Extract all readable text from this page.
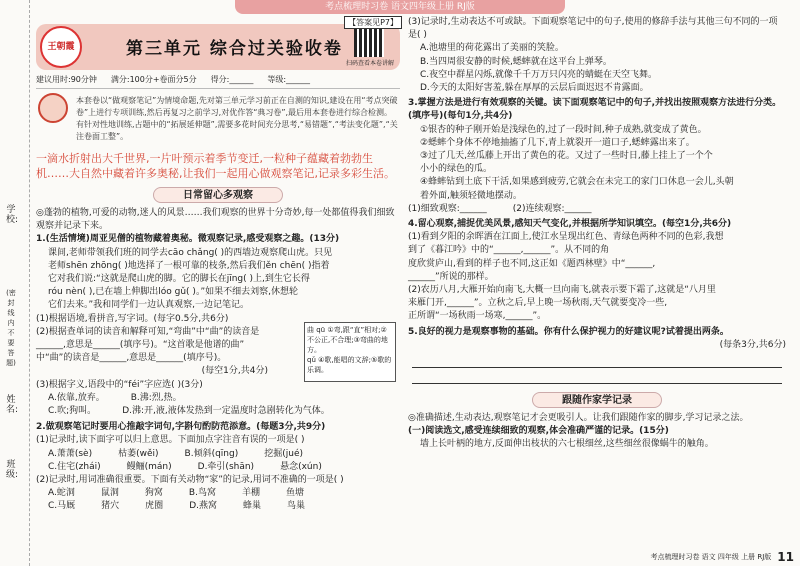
学校:
(密封线内不要答题)
姓名:
班级:
考点梳理时习卷 语文四年级上册 RJ版
王朝霞	第三单元 综合过关验收卷
扫码查看本卷讲解
【答案见P7】
建议用时:90分钟 满分:100分+卷面分5分 得分:______ 等级:______
本套卷以“做观察笔记”为情境命题,先对第三单元学习前正在自测的知识,建设在用“考点突破卷”上进行专项训练,然后再复习之前学习,对优作答“典习卷”,最后用本套卷进行综合检测。有针对性地训练,占题中的“拓展延伸题”,需要多花时间充分思考,“易错题”,“考法变化题”,“关注卷面工整”。
一滴水折射出大千世界,一片叶预示着季节变迁,一粒种子蕴藏着勃勃生机……大自然中藏着许多奥秘,让我们一起用心做观察笔记,记录多彩生活。
日常留心多观察
◎蓬勃的植物,可爱的动物,迷人的风景……我们观察的世界十分奇妙,每一处都值得我们细致观察并记录下来。
1.(生活情境)周亚见僧的植物藏着奥秘。微观察记录,感受观察之趣。(13分)
课间,老师带领我们班的同学去cāo chǎng( )的西墙边观察爬山虎。只见
老师shēn zhōng( )地选择了一根可靠的枝条,然后我们ěn chēn( )指着
它对我们说:“这就是爬山虎的脚。它的脚长在jīng( )上,到生它长得
róu nèn( ),已在墙上伸脚出lóo gǔ( )。”如果不细去刘察,休想轮
它们去来。”我和同学们一边认真观察,一边记笔记。
(1)根据语境,看拼音,写字词。(每字0.5分,共6分)
(2)根据查单词的读音和解释可知,“弯曲”中“曲”的读音是
______,意思是______(填序号)。“这首歌是他谱的曲”
中“曲”的读音是______,意思是______(填序号)。
(每空1分,共4分)
曲 qū ①弯,跟“直”相对;②不公正,不合理;③弯曲的地方。
qǔ ④歌,能唱的文辞;⑤歌的乐调。
(3)根据字义,语段中的“féi”字应选( )(3分)
A.依靠,放弃。	B.沸:烈,热。
C.吹;狗叫。	D.沸:开,液,液体发热到一定温度时急剧转化为气体。
2.做观察笔记时要用心推敲字词句,字斟句酌防范添意。(每题3分,共9分)
(1)记录时,读下面字可以归上意思。下面加点字注音有误的一项是( )
A.萧萧(sè)	枯萎(wěi)	B.倾斜(qīng)	挖掘(jué)
C.住宅(zhái)	鳗鲡(mán)	D.牵引(shān)	悬念(xún)
(2)记录时,用词准确很重要。下面有关动物“家”的记录,用词不准确的一项是( )
A.蛇洞	鼠洞	狗窝	B.鸟窝	羊棚	鱼塘
C.马厩	猪穴	虎圈	D.燕窝	蜂巢	鸟巢
(3)记录时,生动表达不可或缺。下面观察笔记中的句子,使用的修辞手法与其他三句不同的一项是( )
A.池塘里的荷花露出了美丽的笑脸。
B.当四周很安静的时候,蟋蟀就在这平台上弹琴。
C.夜空中群星闪烁,就像千千万万只闪亮的蜻蜓在天空飞舞。
D.今天的太阳好害羞,躲在厚厚的云层后面迟迟不肯露面。
3.掌握方法是进行有效观察的关键。读下面观察笔记中的句子,并找出按照观察方法进行分类。(填序号)(每句1分,共4分)
①银杏的种子刚开始是浅绿色的,过了一段时间,种子成熟,就变成了黄色。
②蟋蟀个身体不停地抽搐了几下,青上就裂开一道口子,蟋蟀露出来了。
③过了几天,丝瓜藤上开出了黄色的花。又过了一些时日,藤上挂上了一个个
小小的绿色的瓜。
④蜂蟀钻到土底下干活,如果感到疲劳,它就会在未完工的家门口休息一会儿,头朝
着外面,触须轻微地摆动。
(1)细致观察:______	(2)连续观察:______
4.留心观察,捕捉优美风景,感知天气变化,并根据所学知识填空。(每空1分,共6分)
(1)看到夕阳的余晖洒在江面上,使江水呈现出红色、青绿色两种不同的色彩,我想
到了《暮江吟》中的“______,______”。从不同的角
度欣赏庐山,看到的样子也不同,这正如《题西林壁》中“______,
______”所说的那样。
(2)农历八月,大雁开始向南飞,大概一旦向南飞,就表示要下霜了,这就是“八月里
来雁门开,______”。立秋之后,早上晚一场秋雨,天气就要变冷一些,
正所谓“一场秋雨一场寒,______”。
5.良好的视力是观察事物的基础。你有什么保护视力的好建议呢?试着提出两条。
(每条3分,共6分)
跟随作家学记录
◎准确描述,生动表达,观察笔记才会更吸引人。让我们跟随作家的脚步,学习记录之法。
(一)阅读选文,感受连续细致的观察,体会准确严谨的记录。(15分)
墙上长叶柄的地方,反面伸出枝状的六七根细丝,这些细丝很像蜗牛的触角。
考点梳理时习卷 语文 四年级 上册 RJ版 11
